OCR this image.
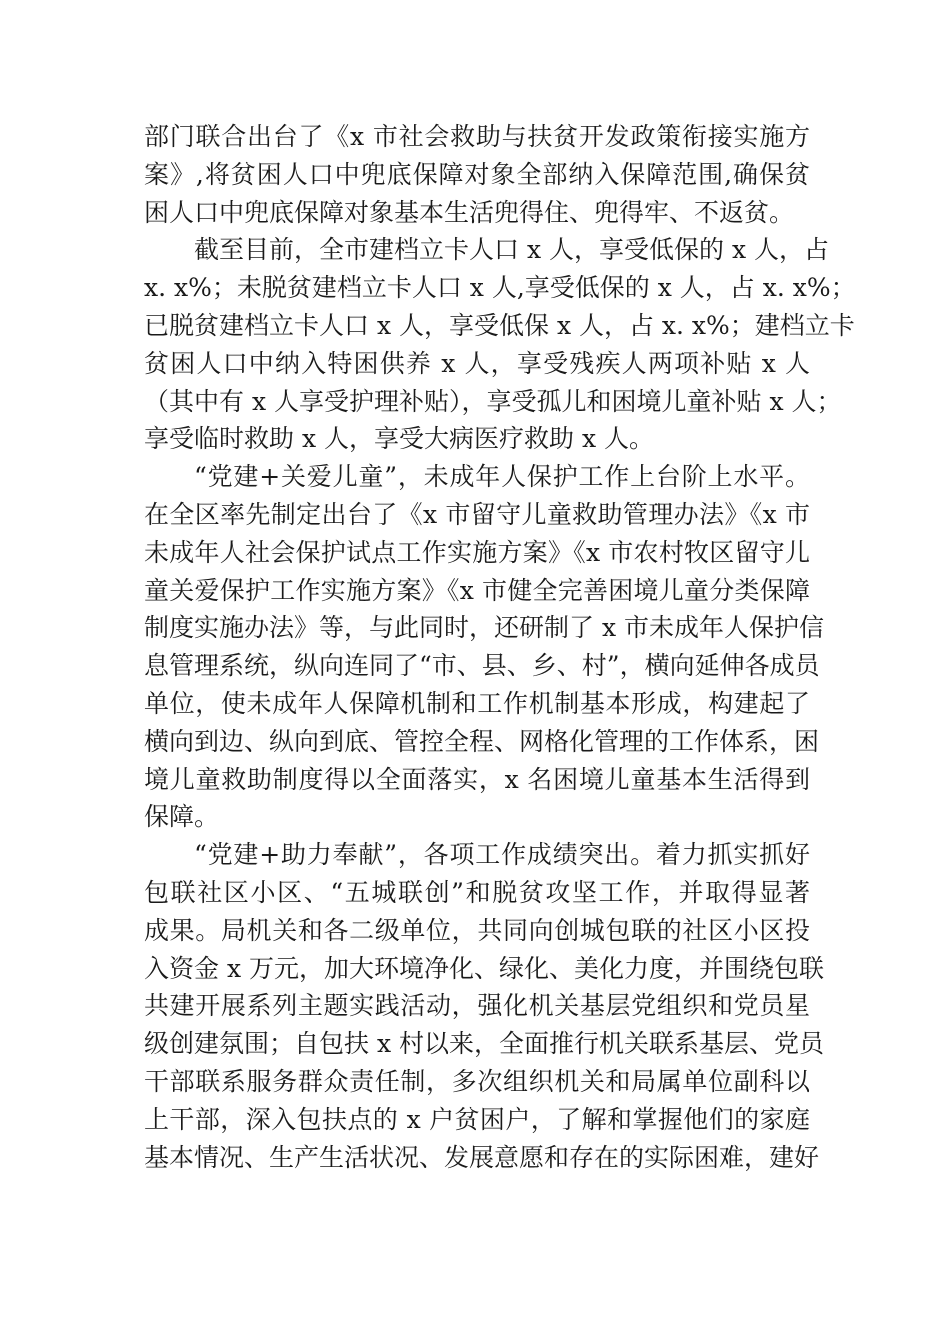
部门联合出台了《x 市社会救助与扶贫开发政策衔接实施方
案》,将贫困人口中兜底保障对象全部纳入保障范围,确保贫
困人口中兜底保障对象基本生活兜得住、兜得牢、不返贫。
截至目前，全市建档立卡人口 x 人，享受低保的 x 人，占
x. x%；未脱贫建档立卡人口 x 人,享受低保的 x 人，占 x. x%；
已脱贫建档立卡人口 x 人，享受低保 x 人，占 x. x%；建档立卡
贫困人口中纳入特困供养 x 人，享受残疾人两项补贴 x 人
（其中有 x 人享受护理补贴），享受孤儿和困境儿童补贴 x 人；
享受临时救助 x 人，享受大病医疗救助 x 人。
“党建+关爱儿童”，未成年人保护工作上台阶上水平。
在全区率先制定出台了《x 市留守儿童救助管理办法》《x 市
未成年人社会保护试点工作实施方案》《x 市农村牧区留守儿
童关爱保护工作实施方案》《x 市健全完善困境儿童分类保障
制度实施办法》等，与此同时，还研制了 x 市未成年人保护信
息管理系统，纵向连同了“市、县、乡、村”，横向延伸各成员
单位，使未成年人保障机制和工作机制基本形成，构建起了
横向到边、纵向到底、管控全程、网格化管理的工作体系，困
境儿童救助制度得以全面落实，x 名困境儿童基本生活得到
保障。
“党建+助力奉献”，各项工作成绩突出。着力抓实抓好
包联社区小区、“五城联创”和脱贫攻坚工作，并取得显著
成果。局机关和各二级单位，共同向创城包联的社区小区投
入资金 x 万元，加大环境净化、绿化、美化力度，并围绕包联
共建开展系列主题实践活动，强化机关基层党组织和党员星
级创建氛围；自包扶 x 村以来，全面推行机关联系基层、党员
干部联系服务群众责任制，多次组织机关和局属单位副科以
上干部，深入包扶点的 x 户贫困户，了解和掌握他们的家庭
基本情况、生产生活状况、发展意愿和存在的实际困难，建好
